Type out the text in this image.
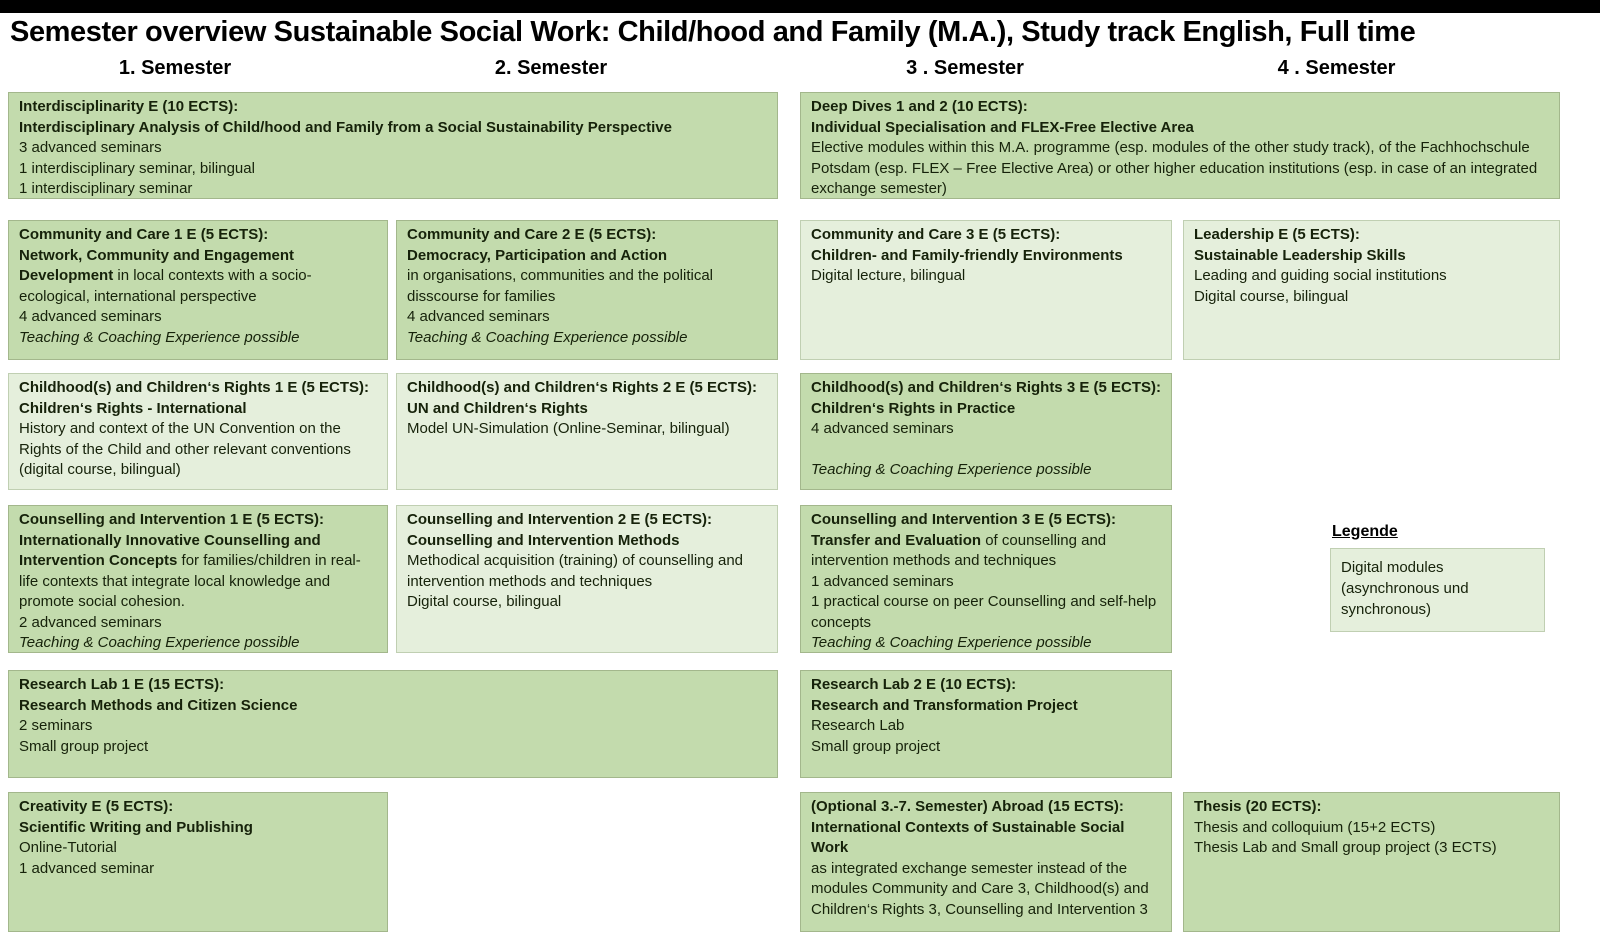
Semester overview Sustainable Social Work: Child/hood and Family (M.A.), Study track English, Full time
1. Semester	2. Semester	3 . Semester	4 . Semester

Interdisciplinarity E (10 ECTS):

Interdisciplinary Analysis of Child/hood and Family from a Social Sustainability Perspective

3 advanced seminars

1 interdisciplinary seminar, bilingual

1 interdisciplinary seminar

Deep Dives 1 and 2 (10 ECTS):

Individual Specialisation and FLEX-Free Elective Area

Elective modules within this M.A. programme (esp. modules of the other study track), of the Fachhochschule Potsdam (esp. FLEX – Free Elective Area) or other higher education institutions (esp. in case of an integrated exchange semester)

Community and Care 1 E (5 ECTS):

Network, Community and Engagement Development in local contexts with a socio-ecological, international perspective

4 advanced seminars

Teaching & Coaching Experience possible

Community and Care 2 E (5 ECTS):

Democracy, Participation and Action

in organisations, communities and the political disscourse for families

4 advanced seminars

Teaching & Coaching Experience possible

Community and Care 3 E (5 ECTS):

Children- and Family-friendly Environments

Digital lecture, bilingual

Leadership E (5 ECTS):

Sustainable Leadership Skills

Leading and guiding social institutions

Digital course, bilingual

Childhood(s) and Children‘s Rights 1 E (5 ECTS):

Children‘s Rights - International

History and context of the UN Convention on the Rights of the Child and other relevant conventions (digital course, bilingual)

Childhood(s) and Children‘s Rights 2 E (5 ECTS):

UN and Children‘s Rights

Model UN-Simulation (Online-Seminar, bilingual)

Childhood(s) and Children‘s Rights 3 E (5 ECTS):

Children‘s Rights in Practice

4 advanced seminars

Teaching & Coaching Experience possible

Counselling and Intervention 1 E (5 ECTS):

Internationally Innovative Counselling and Intervention Concepts for families/children in real-life contexts that integrate local knowledge and promote social cohesion.

2 advanced seminars

Teaching & Coaching Experience possible

Counselling and Intervention 2 E (5 ECTS):

Counselling and Intervention Methods

Methodical acquisition (training) of counselling and intervention methods and techniques

Digital course, bilingual

Counselling and Intervention 3 E (5 ECTS):

Transfer and Evaluation of counselling and intervention methods and techniques

1 advanced seminars

1 practical course on peer Counselling and self-help concepts

Teaching & Coaching Experience possible

Legende

Digital modules (asynchronous und synchronous)

Research Lab 1 E (15 ECTS):

Research Methods and Citizen Science

2 seminars

Small group project

Research Lab 2 E (10 ECTS):

Research and Transformation Project

Research Lab

Small group project

Creativity E (5 ECTS):

Scientific Writing and Publishing

Online-Tutorial

1 advanced seminar

(Optional 3.-7. Semester) Abroad (15 ECTS):

International Contexts of Sustainable Social Work

as integrated exchange semester instead of the modules Community and Care 3, Childhood(s) and Children‘s Rights 3, Counselling and Intervention 3

Thesis (20 ECTS):

Thesis and colloquium (15+2 ECTS)

Thesis Lab and Small group project (3 ECTS)
